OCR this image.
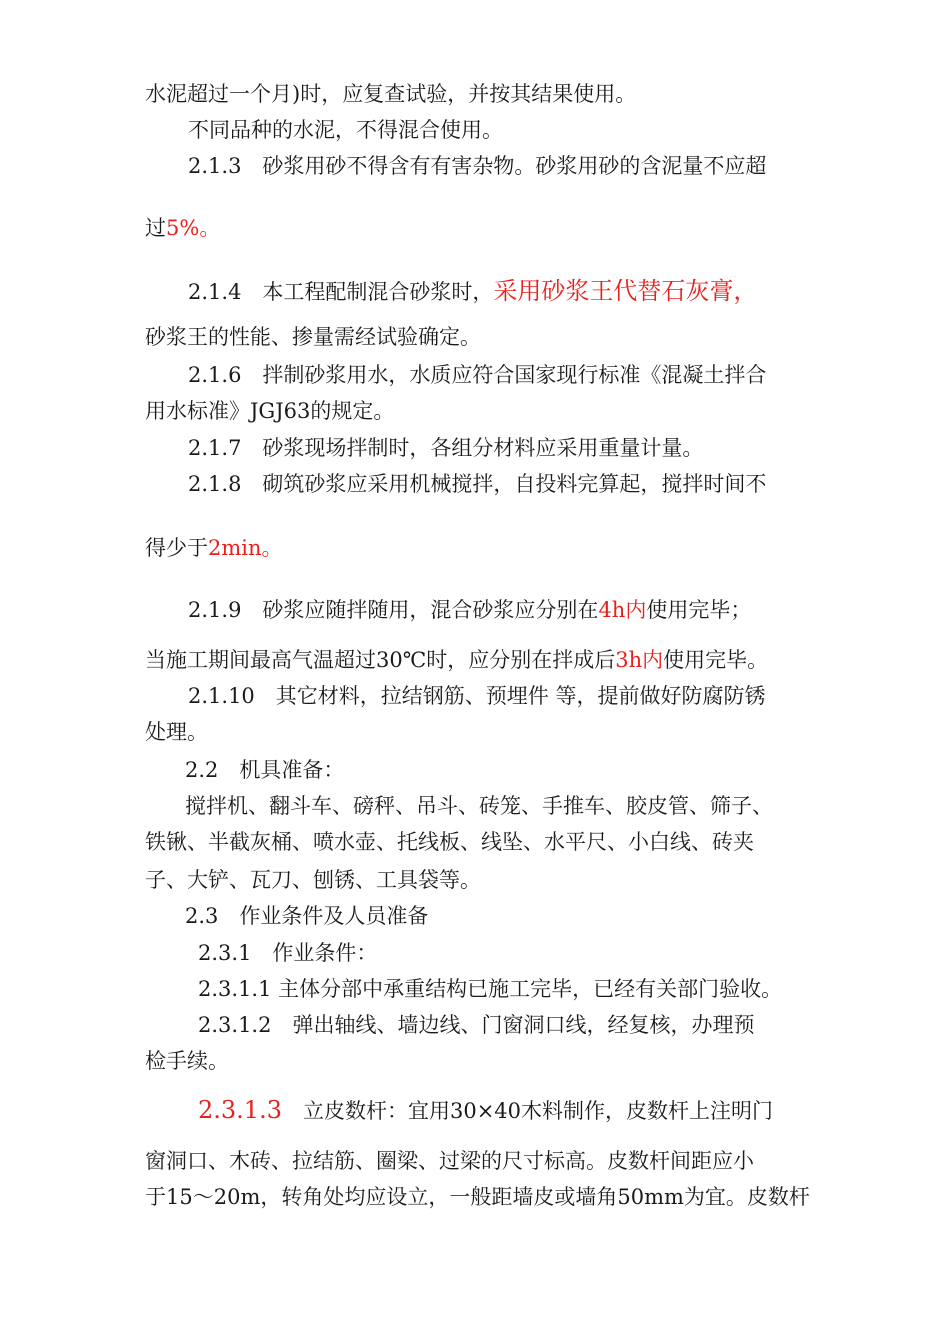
水泥超过一个月)时，应复查试验，并按其结果使用。
不同品种的水泥，不得混合使用。
2.1.3　砂浆用砂不得含有有害杂物。砂浆用砂的含泥量不应超
过5%。
2.1.4　本工程配制混合砂浆时，采用砂浆王代替石灰膏，
砂浆王的性能、掺量需经试验确定。
2.1.6　拌制砂浆用水，水质应符合国家现行标准《混凝土拌合
用水标准》JGJ63的规定。
2.1.7　砂浆现场拌制时，各组分材料应采用重量计量。
2.1.8　砌筑砂浆应采用机械搅拌，自投料完算起，搅拌时间不
得少于2min。
2.1.9　砂浆应随拌随用，混合砂浆应分别在4h内使用完毕；
当施工期间最高气温超过30℃时，应分别在拌成后3h内使用完毕。
2.1.10　其它材料，拉结钢筋、预埋件 等，提前做好防腐防锈
处理。
2.2　机具准备：
搅拌机、翻斗车、磅秤、吊斗、砖笼、手推车、胶皮管、筛子、
铁锹、半截灰桶、喷水壶、托线板、线坠、水平尺、小白线、砖夹
子、大铲、瓦刀、刨锈、工具袋等。
2.3　作业条件及人员准备
2.3.1　作业条件：
2.3.1.1 主体分部中承重结构已施工完毕，已经有关部门验收。
2.3.1.2　弹出轴线、墙边线、门窗洞口线，经复核，办理预
检手续。
2.3.1.3　立皮数杆：宜用30×40木料制作，皮数杆上注明门
窗洞口、木砖、拉结筋、圈梁、过梁的尺寸标高。皮数杆间距应小
于15～20m，转角处均应设立，一般距墙皮或墙角50mm为宜。皮数杆
